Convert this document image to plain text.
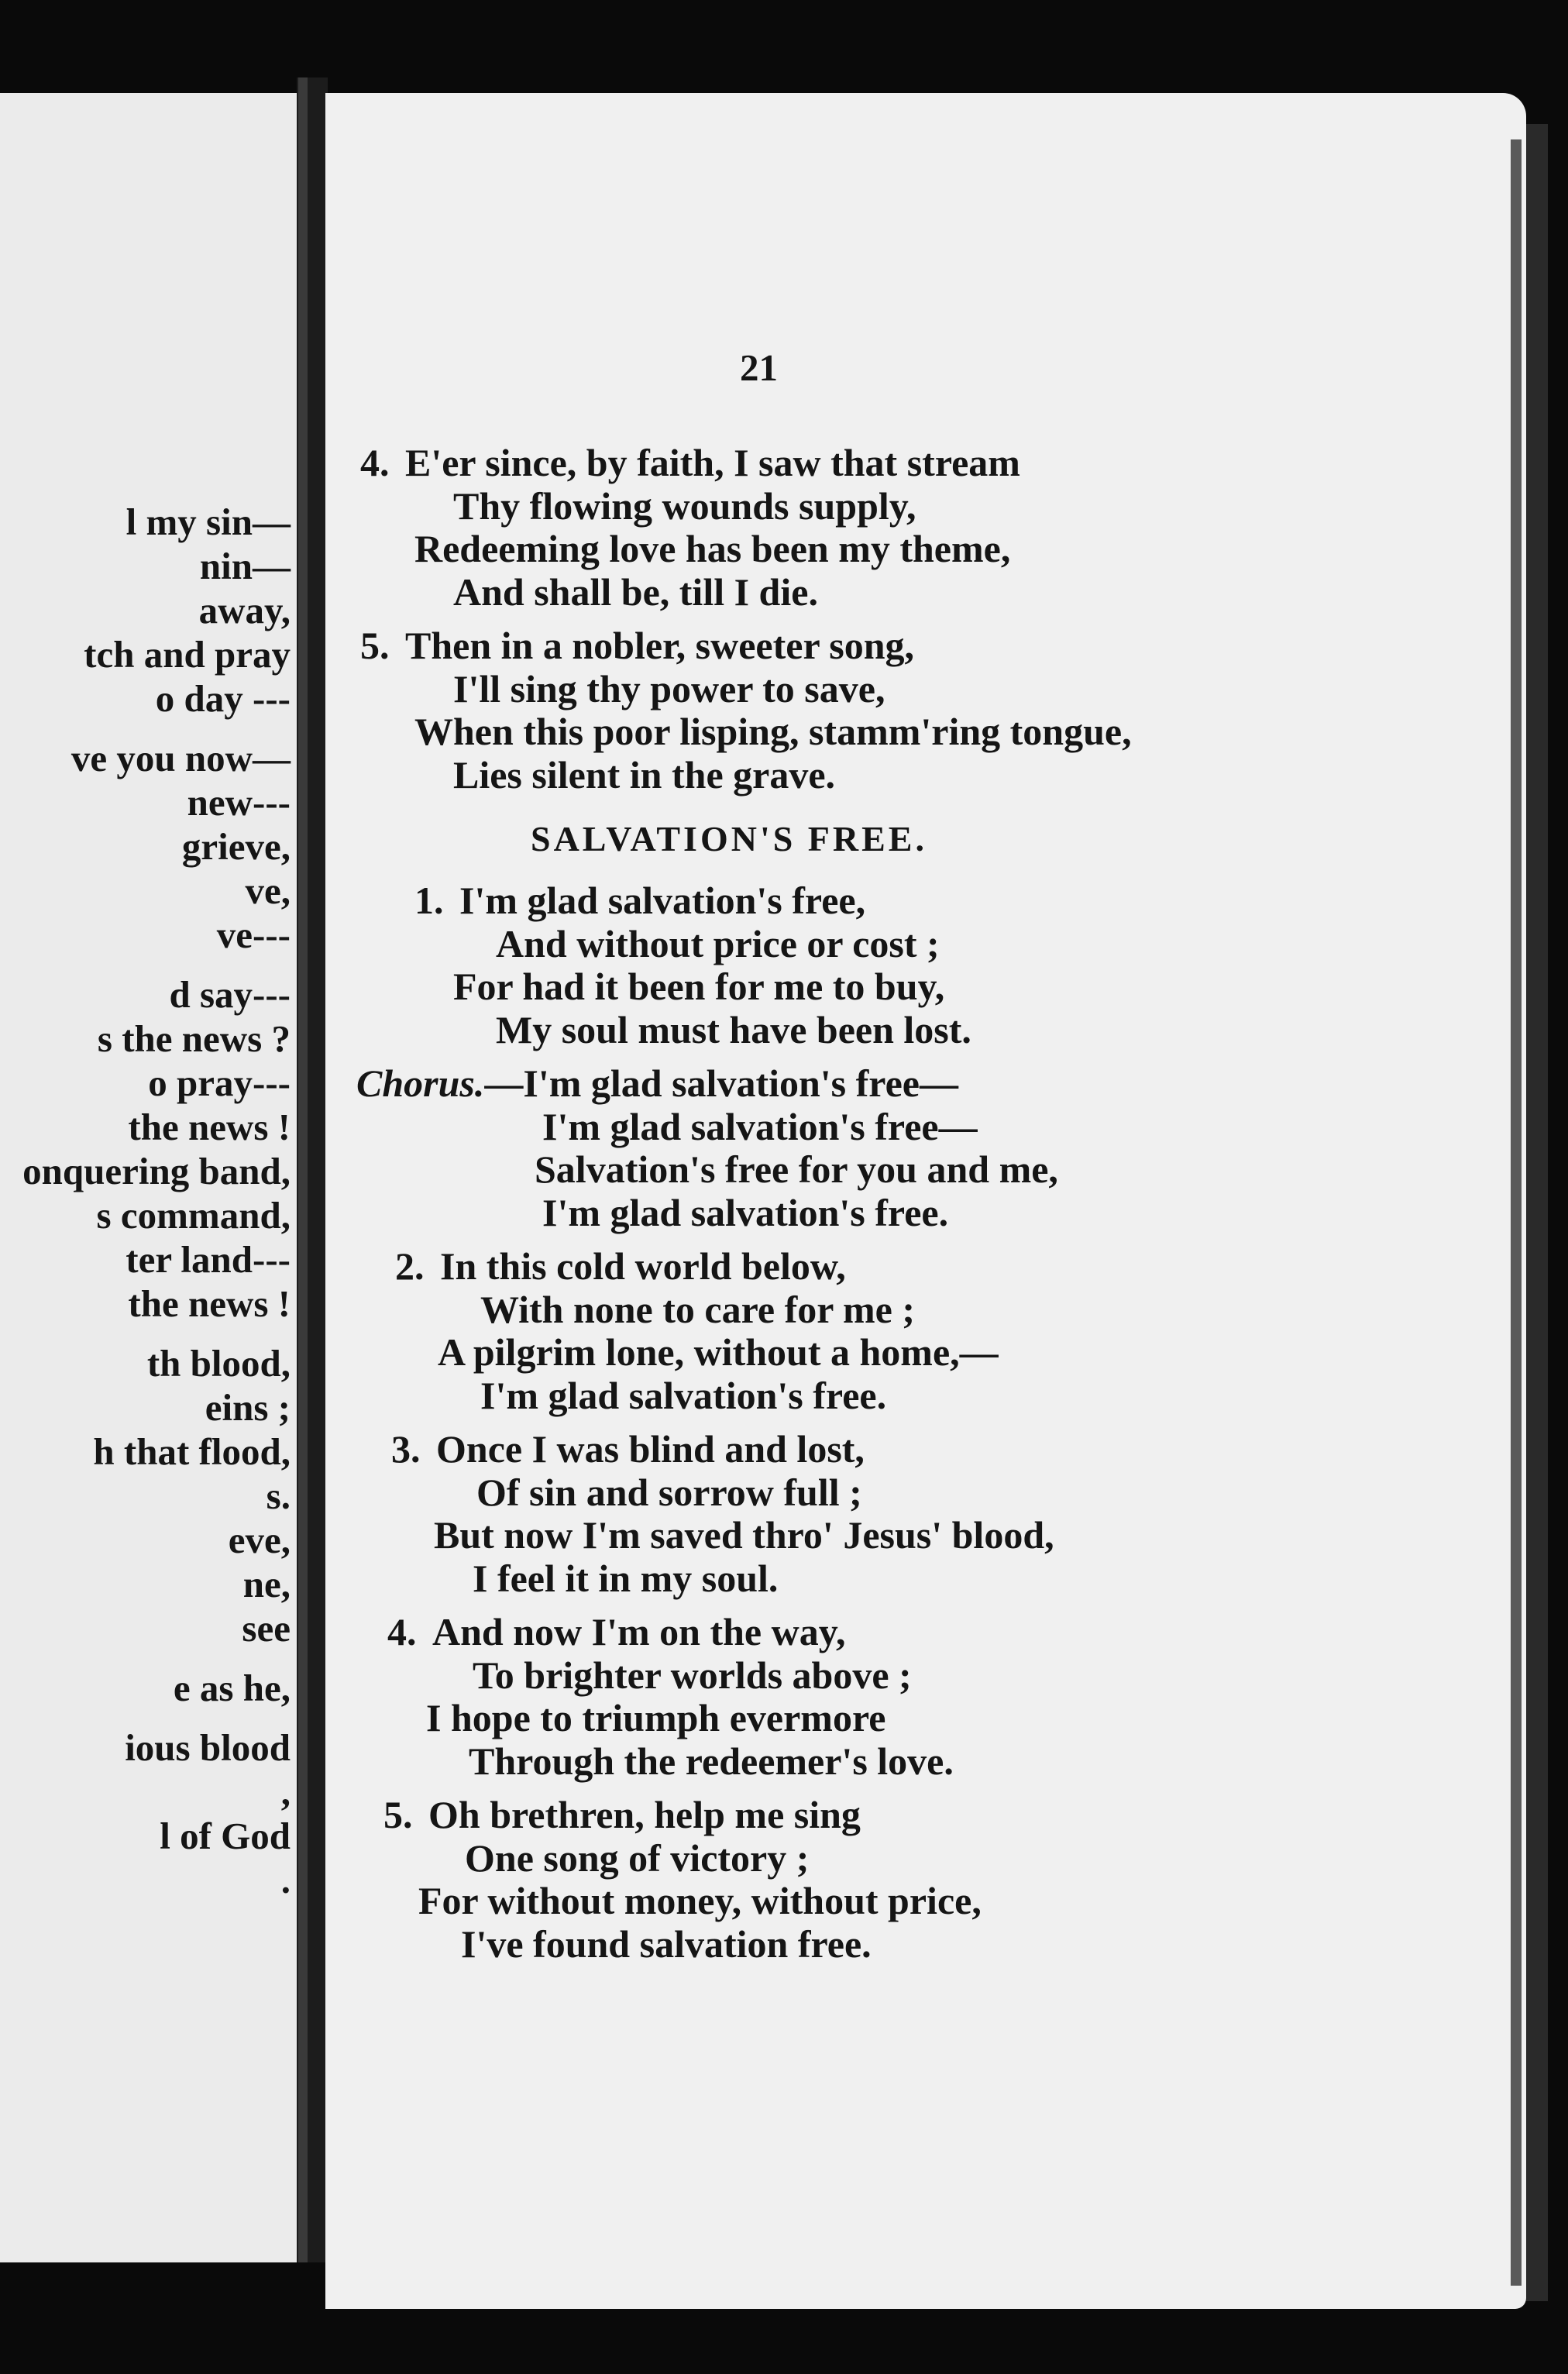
l my sin—
nin—
away,
tch and pray
o day ---
ve you now—
new---
grieve,
ve,
ve---
d say---
s the news ?
o pray---
the news !
onquering band,
s command,
ter land---
the news !
th blood,
eins ;
h that flood,
s.
eve,
ne,
see
e as he,
ious blood
,
l of God
.
21
4. E'er since, by faith, I saw that stream
Thy flowing wounds supply,
Redeeming love has been my theme,
And shall be, till I die.
5. Then in a nobler, sweeter song,
I'll sing thy power to save,
When this poor lisping, stamm'ring tongue,
Lies silent in the grave.
SALVATION'S FREE.
1. I'm glad salvation's free,
And without price or cost ;
For had it been for me to buy,
My soul must have been lost.
Chorus.—I'm glad salvation's free—
I'm glad salvation's free—
Salvation's free for you and me,
I'm glad salvation's free.
2. In this cold world below,
With none to care for me ;
A pilgrim lone, without a home,—
I'm glad salvation's free.
3. Once I was blind and lost,
Of sin and sorrow full ;
But now I'm saved thro' Jesus' blood,
I feel it in my soul.
4. And now I'm on the way,
To brighter worlds above ;
I hope to triumph evermore
Through the redeemer's love.
5. Oh brethren, help me sing
One song of victory ;
For without money, without price,
I've found salvation free.
